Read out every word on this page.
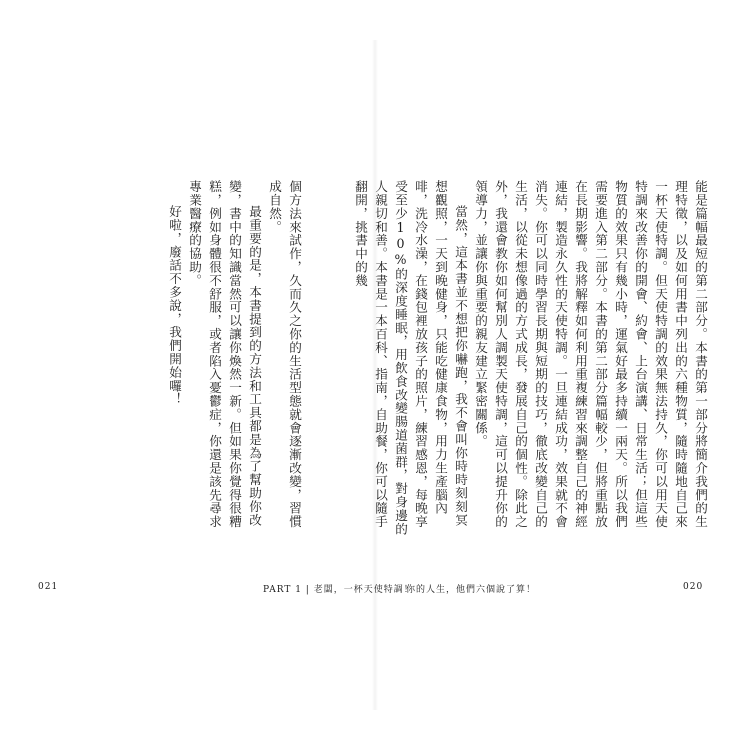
能是篇幅最短的第二部分。本書的第一部分將簡介我們的生理特徵，以及如何用書中列出的六種物質，隨時隨地自己來一杯天使特調。但天使特調的效果無法持久，你可以用天使特調來改善你的開會、約會、上台演講、日常生活；但這些物質的效果只有幾小時，運氣好最多持續一兩天。所以我們需要進入第二部分。本書的第二部分篇幅較少，但將重點放在長期影響。我將解釋如何利用重複練習來調整自己的神經連結，製造永久性的天使特調。一旦連結成功，效果就不會消失。你可以同時學習長期與短期的技巧，徹底改變自己的生活，以從未想像過的方式成長，發展自己的個性。除此之外，我還會教你如何幫別人調製天使特調，這可以提升你的領導力，並讓你與重要的親友建立緊密關係。

當然，這本書並不想把你嚇跑，我不會叫你時時刻刻冥想觀照，一天到晚健身，只能吃健康食物，用力生產腦內啡，洗冷水澡，在錢包裡放孩子的照片，練習感恩，每晚享受至少10%的深度睡眠，用飲食改變腸道菌群，對身邊的人親切和善。本書是一本百科、指南，自助餐，你可以隨手翻開，挑書中的幾

個方法來試作，久而久之你的生活型態就會逐漸改變，習慣成自然。

最重要的是，本書提到的方法和工具都是為了幫助你改變，書中的知識當然可以讓你煥然一新。但如果你覺得很糟糕，例如身體很不舒服，或者陷入憂鬱症，你還是該先尋求專業醫療的協助。

好啦，廢話不多說，我們開始囉！

021	PART 1 | 老闆，一杯天使特調！
你的人生，他們六個說了算！	020
